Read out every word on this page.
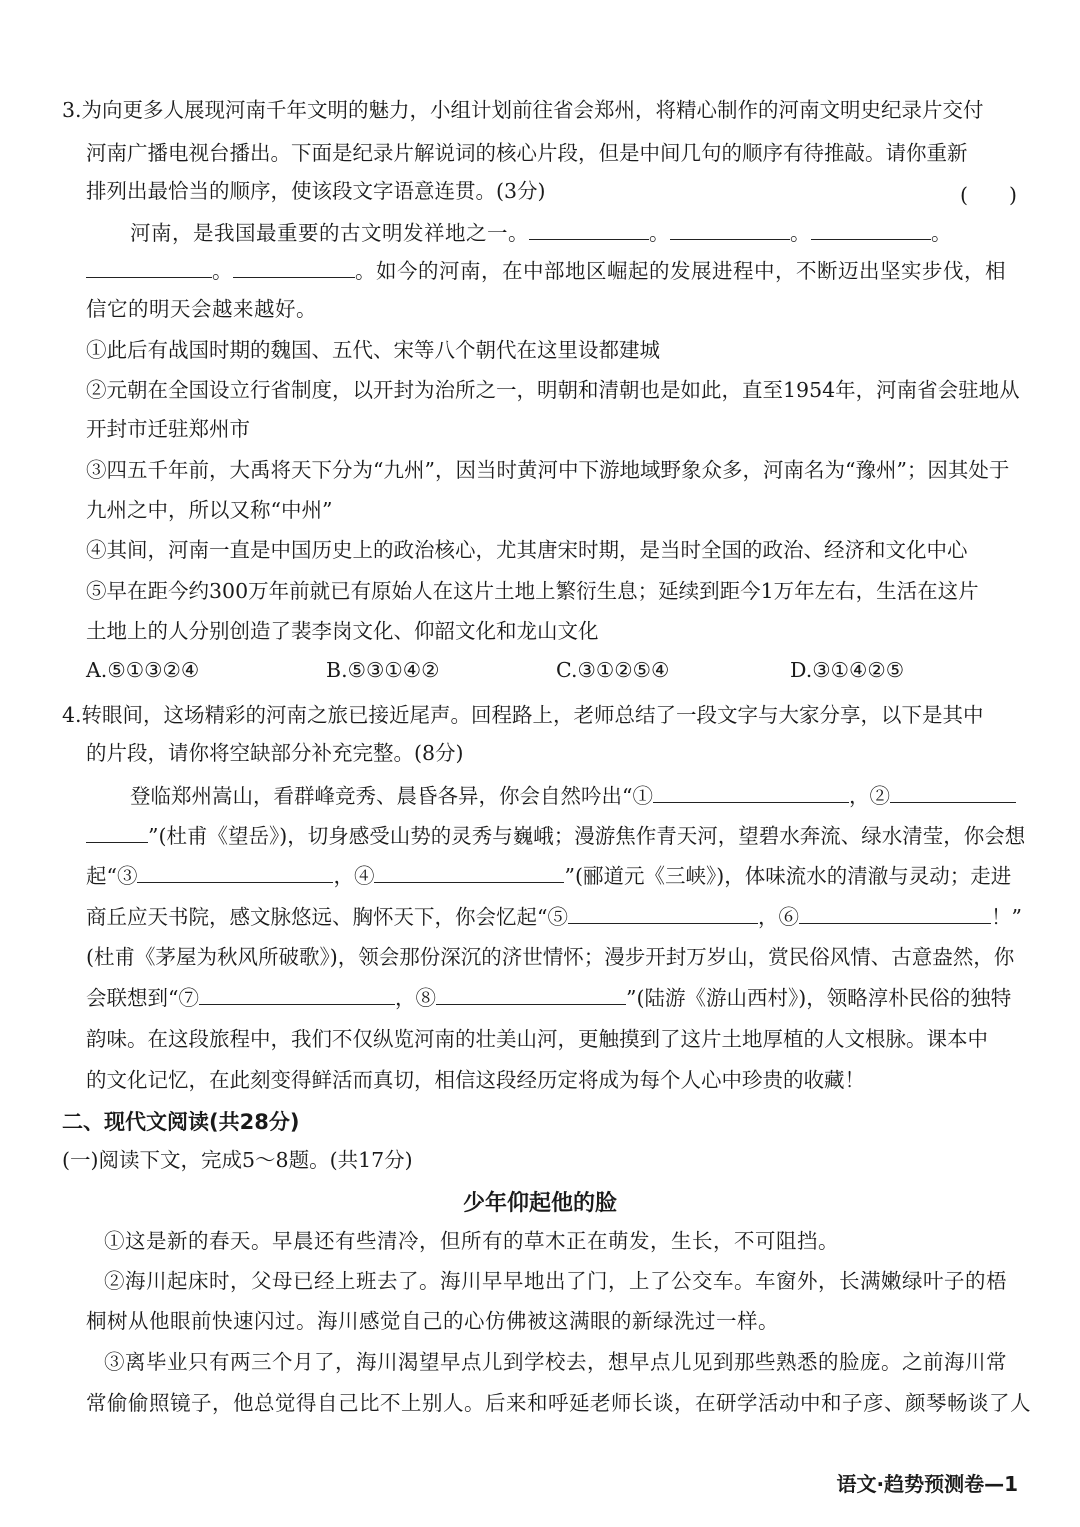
3.为向更多人展现河南千年文明的魅力，小组计划前往省会郑州，将精心制作的河南文明史纪录片交付
河南广播电视台播出。下面是纪录片解说词的核心片段，但是中间几句的顺序有待推敲。请你重新
排列出最恰当的顺序，使该段文字语意连贯。(3分)	(　　)
河南，是我国最重要的古文明发祥地之一。	。	。	。
。	。如今的河南，在中部地区崛起的发展进程中，不断迈出坚实步伐，相
信它的明天会越来越好。
①此后有战国时期的魏国、五代、宋等八个朝代在这里设都建城
②元朝在全国设立行省制度，以开封为治所之一，明朝和清朝也是如此，直至1954年，河南省会驻地从
开封市迁驻郑州市
③四五千年前，大禹将天下分为“九州”，因当时黄河中下游地域野象众多，河南名为“豫州”；因其处于
九州之中，所以又称“中州”
④其间，河南一直是中国历史上的政治核心，尤其唐宋时期，是当时全国的政治、经济和文化中心
⑤早在距今约300万年前就已有原始人在这片土地上繁衍生息；延续到距今1万年左右，生活在这片
土地上的人分别创造了裴李岗文化、仰韶文化和龙山文化
A.⑤①③②④	B.⑤③①④②	C.③①②⑤④	D.③①④②⑤
4.转眼间，这场精彩的河南之旅已接近尾声。回程路上，老师总结了一段文字与大家分享，以下是其中
的片段，请你将空缺部分补充完整。(8分)
登临郑州嵩山，看群峰竞秀、晨昏各异，你会自然吟出“①	，②
”(杜甫《望岳》)，切身感受山势的灵秀与巍峨；漫游焦作青天河，望碧水奔流、绿水清莹，你会想
起“③	，④	”(郦道元《三峡》)，体味流水的清澈与灵动；走进
商丘应天书院，感文脉悠远、胸怀天下，你会忆起“⑤	，⑥	！”
(杜甫《茅屋为秋风所破歌》)，领会那份深沉的济世情怀；漫步开封万岁山，赏民俗风情、古意盎然，你
会联想到“⑦	，⑧	”(陆游《游山西村》)，领略淳朴民俗的独特
韵味。在这段旅程中，我们不仅纵览河南的壮美山河，更触摸到了这片土地厚植的人文根脉。课本中
的文化记忆，在此刻变得鲜活而真切，相信这段经历定将成为每个人心中珍贵的收藏！
二、现代文阅读(共28分)
(一)阅读下文，完成5～8题。(共17分)
少年仰起他的脸
①这是新的春天。早晨还有些清冷，但所有的草木正在萌发，生长，不可阻挡。
②海川起床时，父母已经上班去了。海川早早地出了门，上了公交车。车窗外，长满嫩绿叶子的梧
桐树从他眼前快速闪过。海川感觉自己的心仿佛被这满眼的新绿洗过一样。
③离毕业只有两三个月了，海川渴望早点儿到学校去，想早点儿见到那些熟悉的脸庞。之前海川常
常偷偷照镜子，他总觉得自己比不上别人。后来和呼延老师长谈，在研学活动中和子彦、颜琴畅谈了人
语文·趋势预测卷—1
